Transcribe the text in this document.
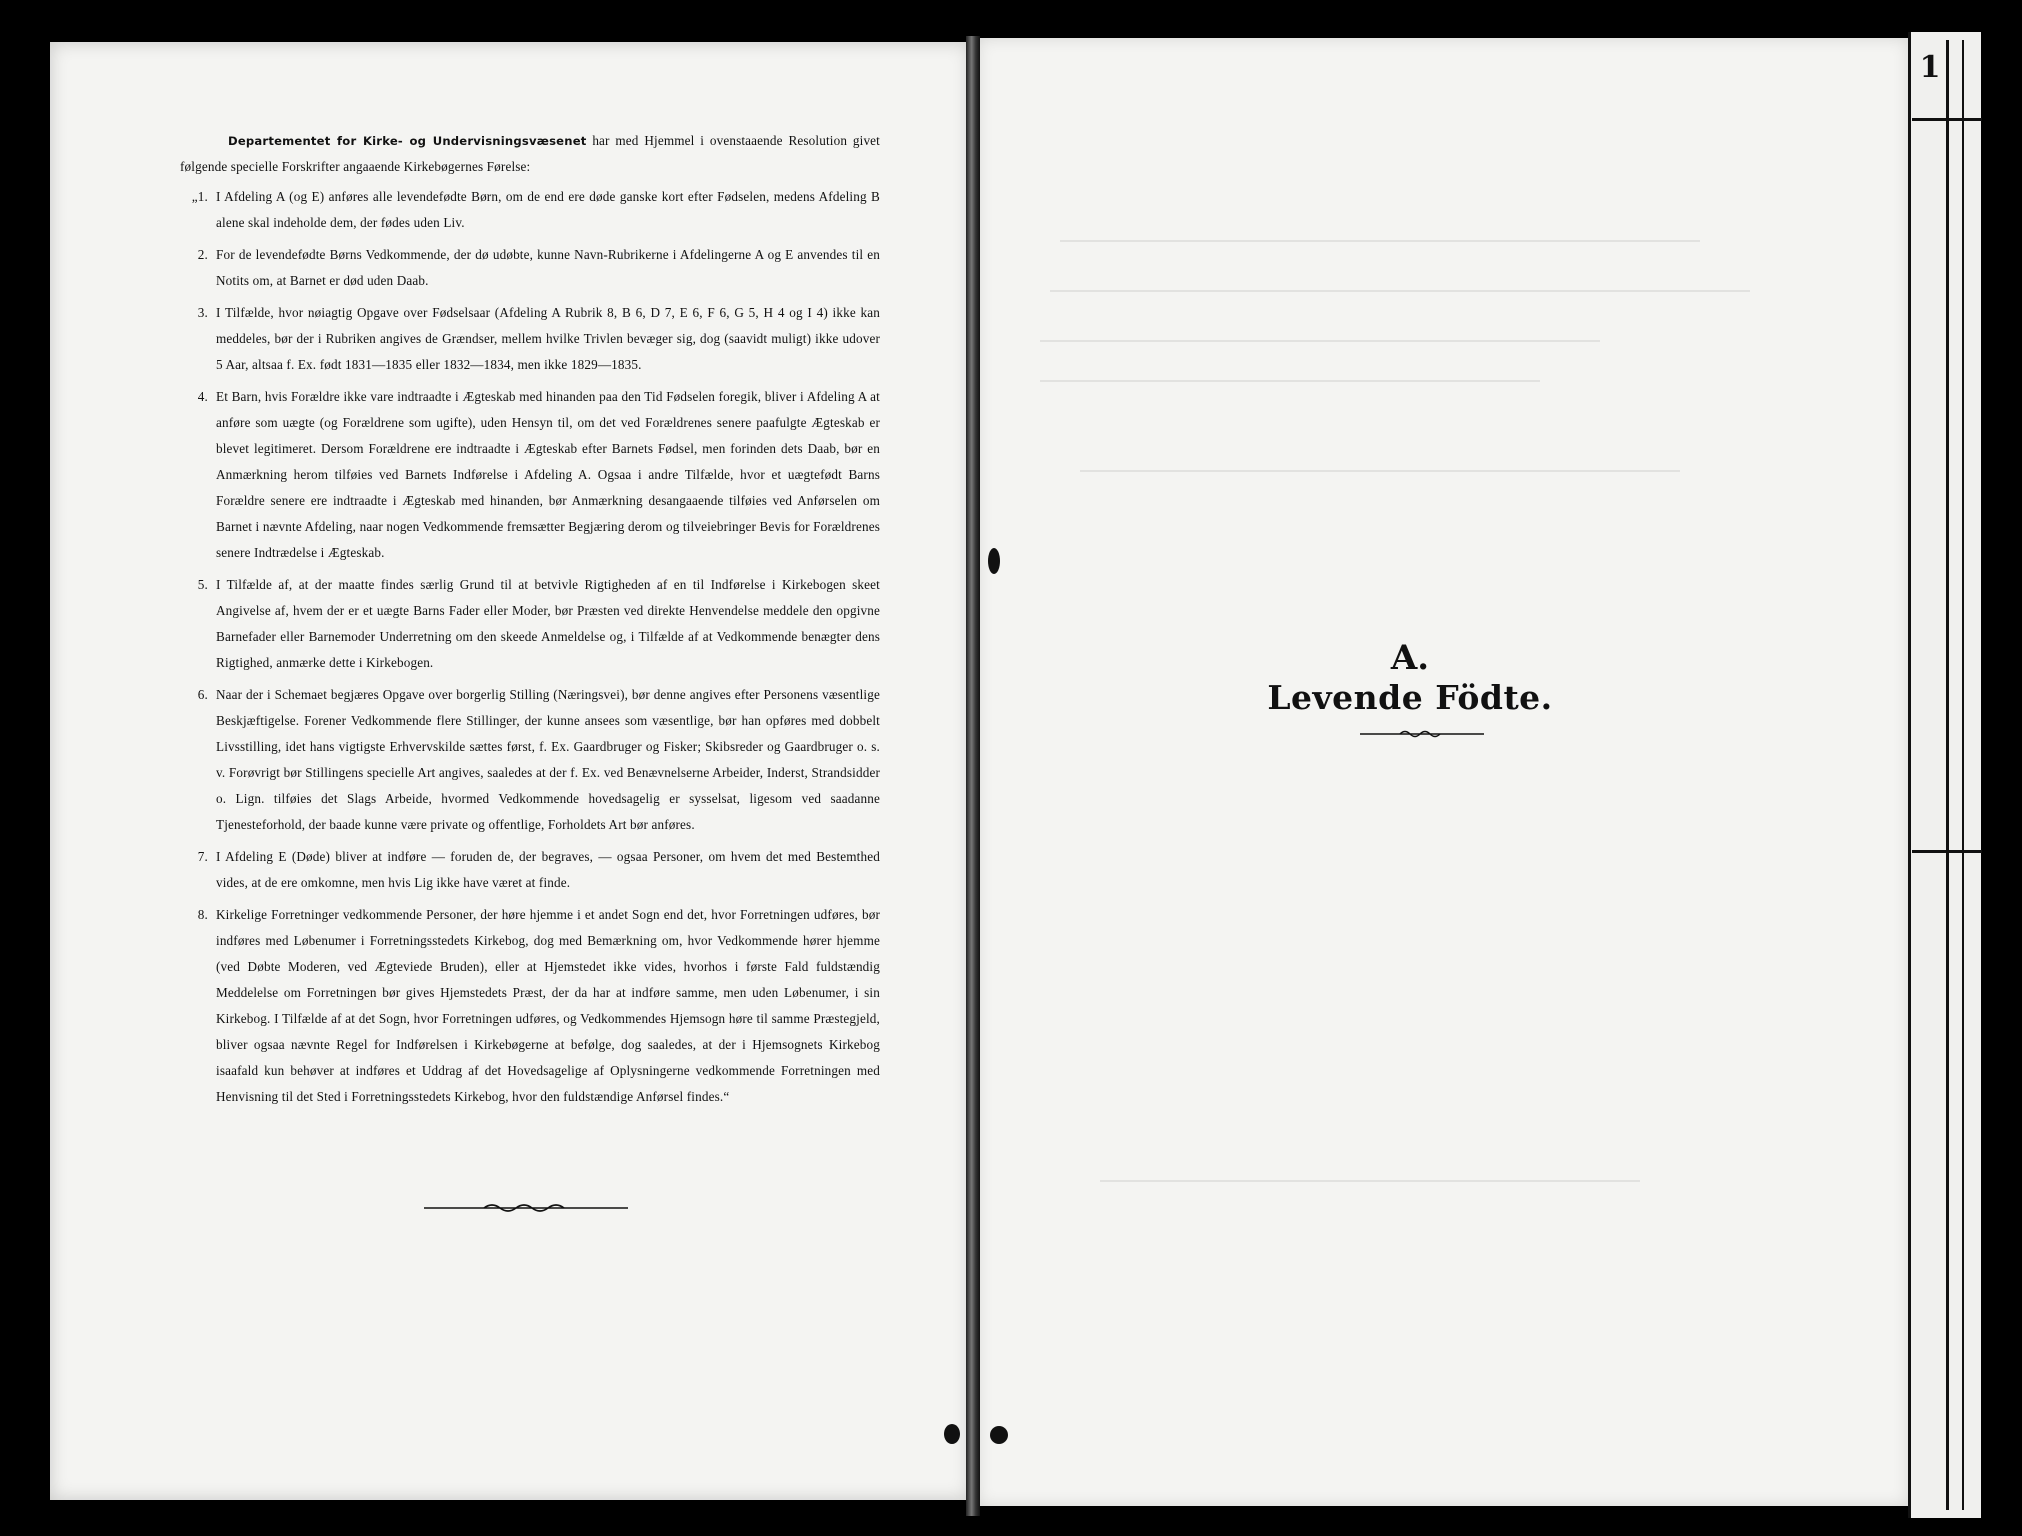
Departementet for Kirke- og Undervisningsvæsenet har med Hjemmel i ovenstaaende Resolution givet følgende specielle Forskrifter angaaende Kirkebøgernes Førelse:

„1. I Afdeling A (og E) anføres alle levendefødte Børn, om de end ere døde ganske kort efter Fødselen, medens Afdeling B alene skal indeholde dem, der fødes uden Liv.
2. For de levendefødte Børns Vedkommende, der dø udøbte, kunne Navn-Rubrikerne i Afdelingerne A og E anvendes til en Notits om, at Barnet er død uden Daab.
3. I Tilfælde, hvor nøiagtig Opgave over Fødselsaar (Afdeling A Rubrik 8, B 6, D 7, E 6, F 6, G 5, H 4 og I 4) ikke kan meddeles, bør der i Rubriken angives de Grændser, mellem hvilke Trivlen bevæger sig, dog (saavidt muligt) ikke udover 5 Aar, altsaa f. Ex. født 1831—1835 eller 1832—1834, men ikke 1829—1835.
4. Et Barn, hvis Forældre ikke vare indtraadte i Ægteskab med hinanden paa den Tid Fødselen foregik, bliver i Afdeling A at anføre som uægte (og Forældrene som ugifte), uden Hensyn til, om det ved Forældrenes senere paafulgte Ægteskab er blevet legitimeret. Dersom Forældrene ere indtraadte i Ægteskab efter Barnets Fødsel, men forinden dets Daab, bør en Anmærkning herom tilføies ved Barnets Indførelse i Afdeling A. Ogsaa i andre Tilfælde, hvor et uægtefødt Barns Forældre senere ere indtraadte i Ægteskab med hinanden, bør Anmærkning desangaaende tilføies ved Anførselen om Barnet i nævnte Afdeling, naar nogen Vedkommende fremsætter Begjæring derom og tilveiebringer Bevis for Forældrenes senere Indtrædelse i Ægteskab.
5. I Tilfælde af, at der maatte findes særlig Grund til at betvivle Rigtigheden af en til Indførelse i Kirkebogen skeet Angivelse af, hvem der er et uægte Barns Fader eller Moder, bør Præsten ved direkte Henvendelse meddele den opgivne Barnefader eller Barnemoder Underretning om den skeede Anmeldelse og, i Tilfælde af at Vedkommende benægter dens Rigtighed, anmærke dette i Kirkebogen.
6. Naar der i Schemaet begjæres Opgave over borgerlig Stilling (Næringsvei), bør denne angives efter Personens væsentlige Beskjæftigelse. Forener Vedkommende flere Stillinger, der kunne ansees som væsentlige, bør han opføres med dobbelt Livsstilling, idet hans vigtigste Erhvervskilde sættes først, f. Ex. Gaardbruger og Fisker; Skibsreder og Gaardbruger o. s. v. Forøvrigt bør Stillingens specielle Art angives, saaledes at der f. Ex. ved Benævnelserne Arbeider, Inderst, Strandsidder o. Lign. tilføies det Slags Arbeide, hvormed Vedkommende hovedsagelig er sysselsat, ligesom ved saadanne Tjenesteforhold, der baade kunne være private og offentlige, Forholdets Art bør anføres.
7. I Afdeling E (Døde) bliver at indføre — foruden de, der begraves, — ogsaa Personer, om hvem det med Bestemthed vides, at de ere omkomne, men hvis Lig ikke have været at finde.
8. Kirkelige Forretninger vedkommende Personer, der høre hjemme i et andet Sogn end det, hvor Forretningen udføres, bør indføres med Løbenumer i Forretningsstedets Kirkebog, dog med Bemærkning om, hvor Vedkommende hører hjemme (ved Døbte Moderen, ved Ægteviede Bruden), eller at Hjemstedet ikke vides, hvorhos i første Fald fuldstændig Meddelelse om Forretningen bør gives Hjemstedets Præst, der da har at indføre samme, men uden Løbenumer, i sin Kirkebog. I Tilfælde af at det Sogn, hvor Forretningen udføres, og Vedkommendes Hjemsogn høre til samme Præstegjeld, bliver ogsaa nævnte Regel for Indførelsen i Kirkebøgerne at befølge, dog saaledes, at der i Hjemsognets Kirkebog isaafald kun behøver at indføres et Uddrag af det Hovedsagelige af Oplysningerne vedkommende Forretningen med Henvisning til det Sted i Forretningsstedets Kirkebog, hvor den fuldstændige Anførsel findes.“
A.
Levende Födte.
1
